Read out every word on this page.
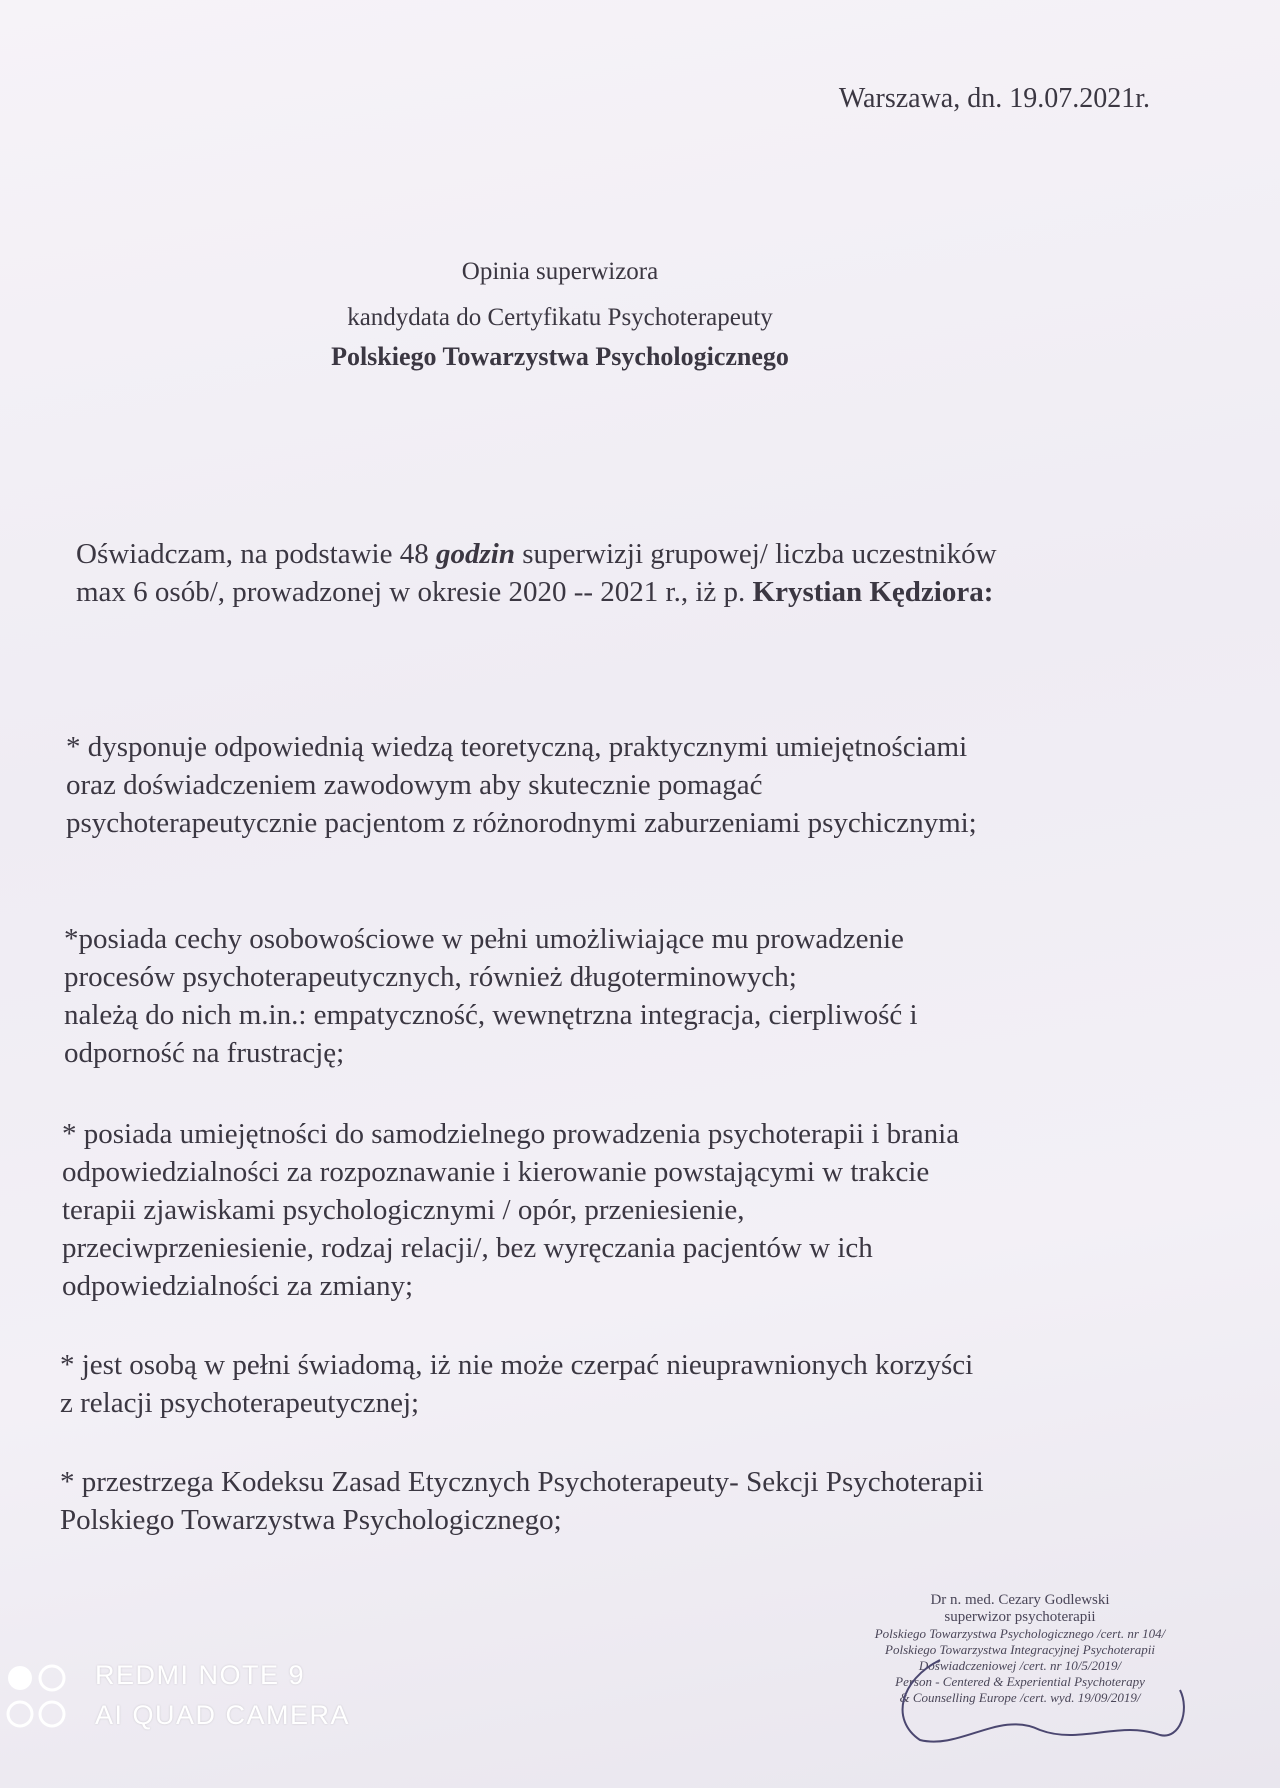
Warszawa, dn. 19.07.2021r.
Opinia superwizora
kandydata do Certyfikatu Psychoterapeuty
Polskiego Towarzystwa Psychologicznego
Oświadczam, na podstawie 48 godzin superwizji grupowej/ liczba uczestników
max 6 osób/, prowadzonej w okresie 2020 -- 2021 r., iż p. Krystian Kędziora:
* dysponuje odpowiednią wiedzą teoretyczną, praktycznymi umiejętnościami
oraz doświadczeniem zawodowym aby skutecznie pomagać
psychoterapeutycznie pacjentom z różnorodnymi zaburzeniami psychicznymi;
*posiada cechy osobowościowe w pełni umożliwiające mu prowadzenie
procesów psychoterapeutycznych, również długoterminowych;
należą do nich m.in.: empatyczność, wewnętrzna integracja, cierpliwość i
odporność na frustrację;
* posiada umiejętności do samodzielnego prowadzenia psychoterapii i brania
odpowiedzialności za rozpoznawanie i kierowanie powstającymi w trakcie
terapii zjawiskami psychologicznymi / opór, przeniesienie,
przeciwprzeniesienie, rodzaj relacji/, bez wyręczania pacjentów w ich
odpowiedzialności za zmiany;
* jest osobą w pełni świadomą, iż nie może czerpać nieuprawnionych korzyści
z relacji psychoterapeutycznej;
* przestrzega Kodeksu Zasad Etycznych Psychoterapeuty- Sekcji Psychoterapii
Polskiego Towarzystwa Psychologicznego;
Dr n. med. Cezary Godlewski
superwizor psychoterapii
Polskiego Towarzystwa Psychologicznego /cert. nr 104/
Polskiego Towarzystwa Integracyjnej Psychoterapii
Doświadczeniowej /cert. nr 10/5/2019/
Person - Centered & Experiential Psychoterapy
& Counselling Europe /cert. wyd. 19/09/2019/
REDMI NOTE 9
AI QUAD CAMERA
